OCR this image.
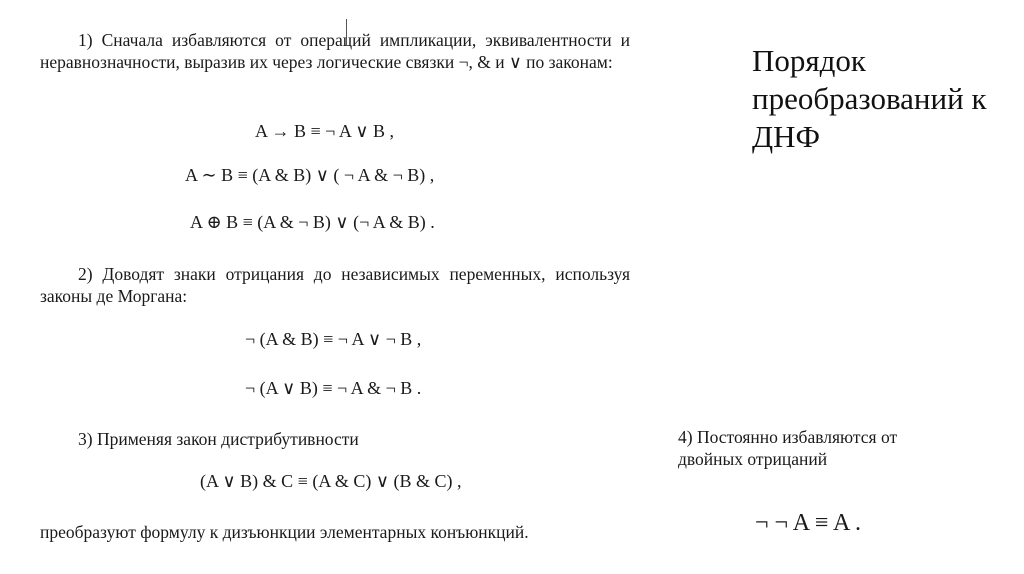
1) Сначала избавляются от операций импликации, эквивалентности и неравнозначности, выразив их через логические связки ¬, & и ∨ по законам:
A → B ≡ ¬ A ∨ B ,
A ∼ B ≡ (A & B) ∨ ( ¬ A & ¬ B) ,
A ⊕ B ≡ (A & ¬ B) ∨ (¬ A & B) .
2) Доводят знаки отрицания до независимых переменных, используя законы де Моргана:
¬ (A & B) ≡ ¬ A ∨ ¬ B ,
¬ (A ∨ B) ≡ ¬ A & ¬ B .
3) Применяя закон дистрибутивности
(A ∨ B) & C ≡ (A & C) ∨ (B & C) ,
преобразуют формулу к дизъюнкции элементарных конъюнкций.
Порядок преобразований к ДНФ
4) Постоянно избавляются от двойных отрицаний
¬ ¬ A ≡ A .
